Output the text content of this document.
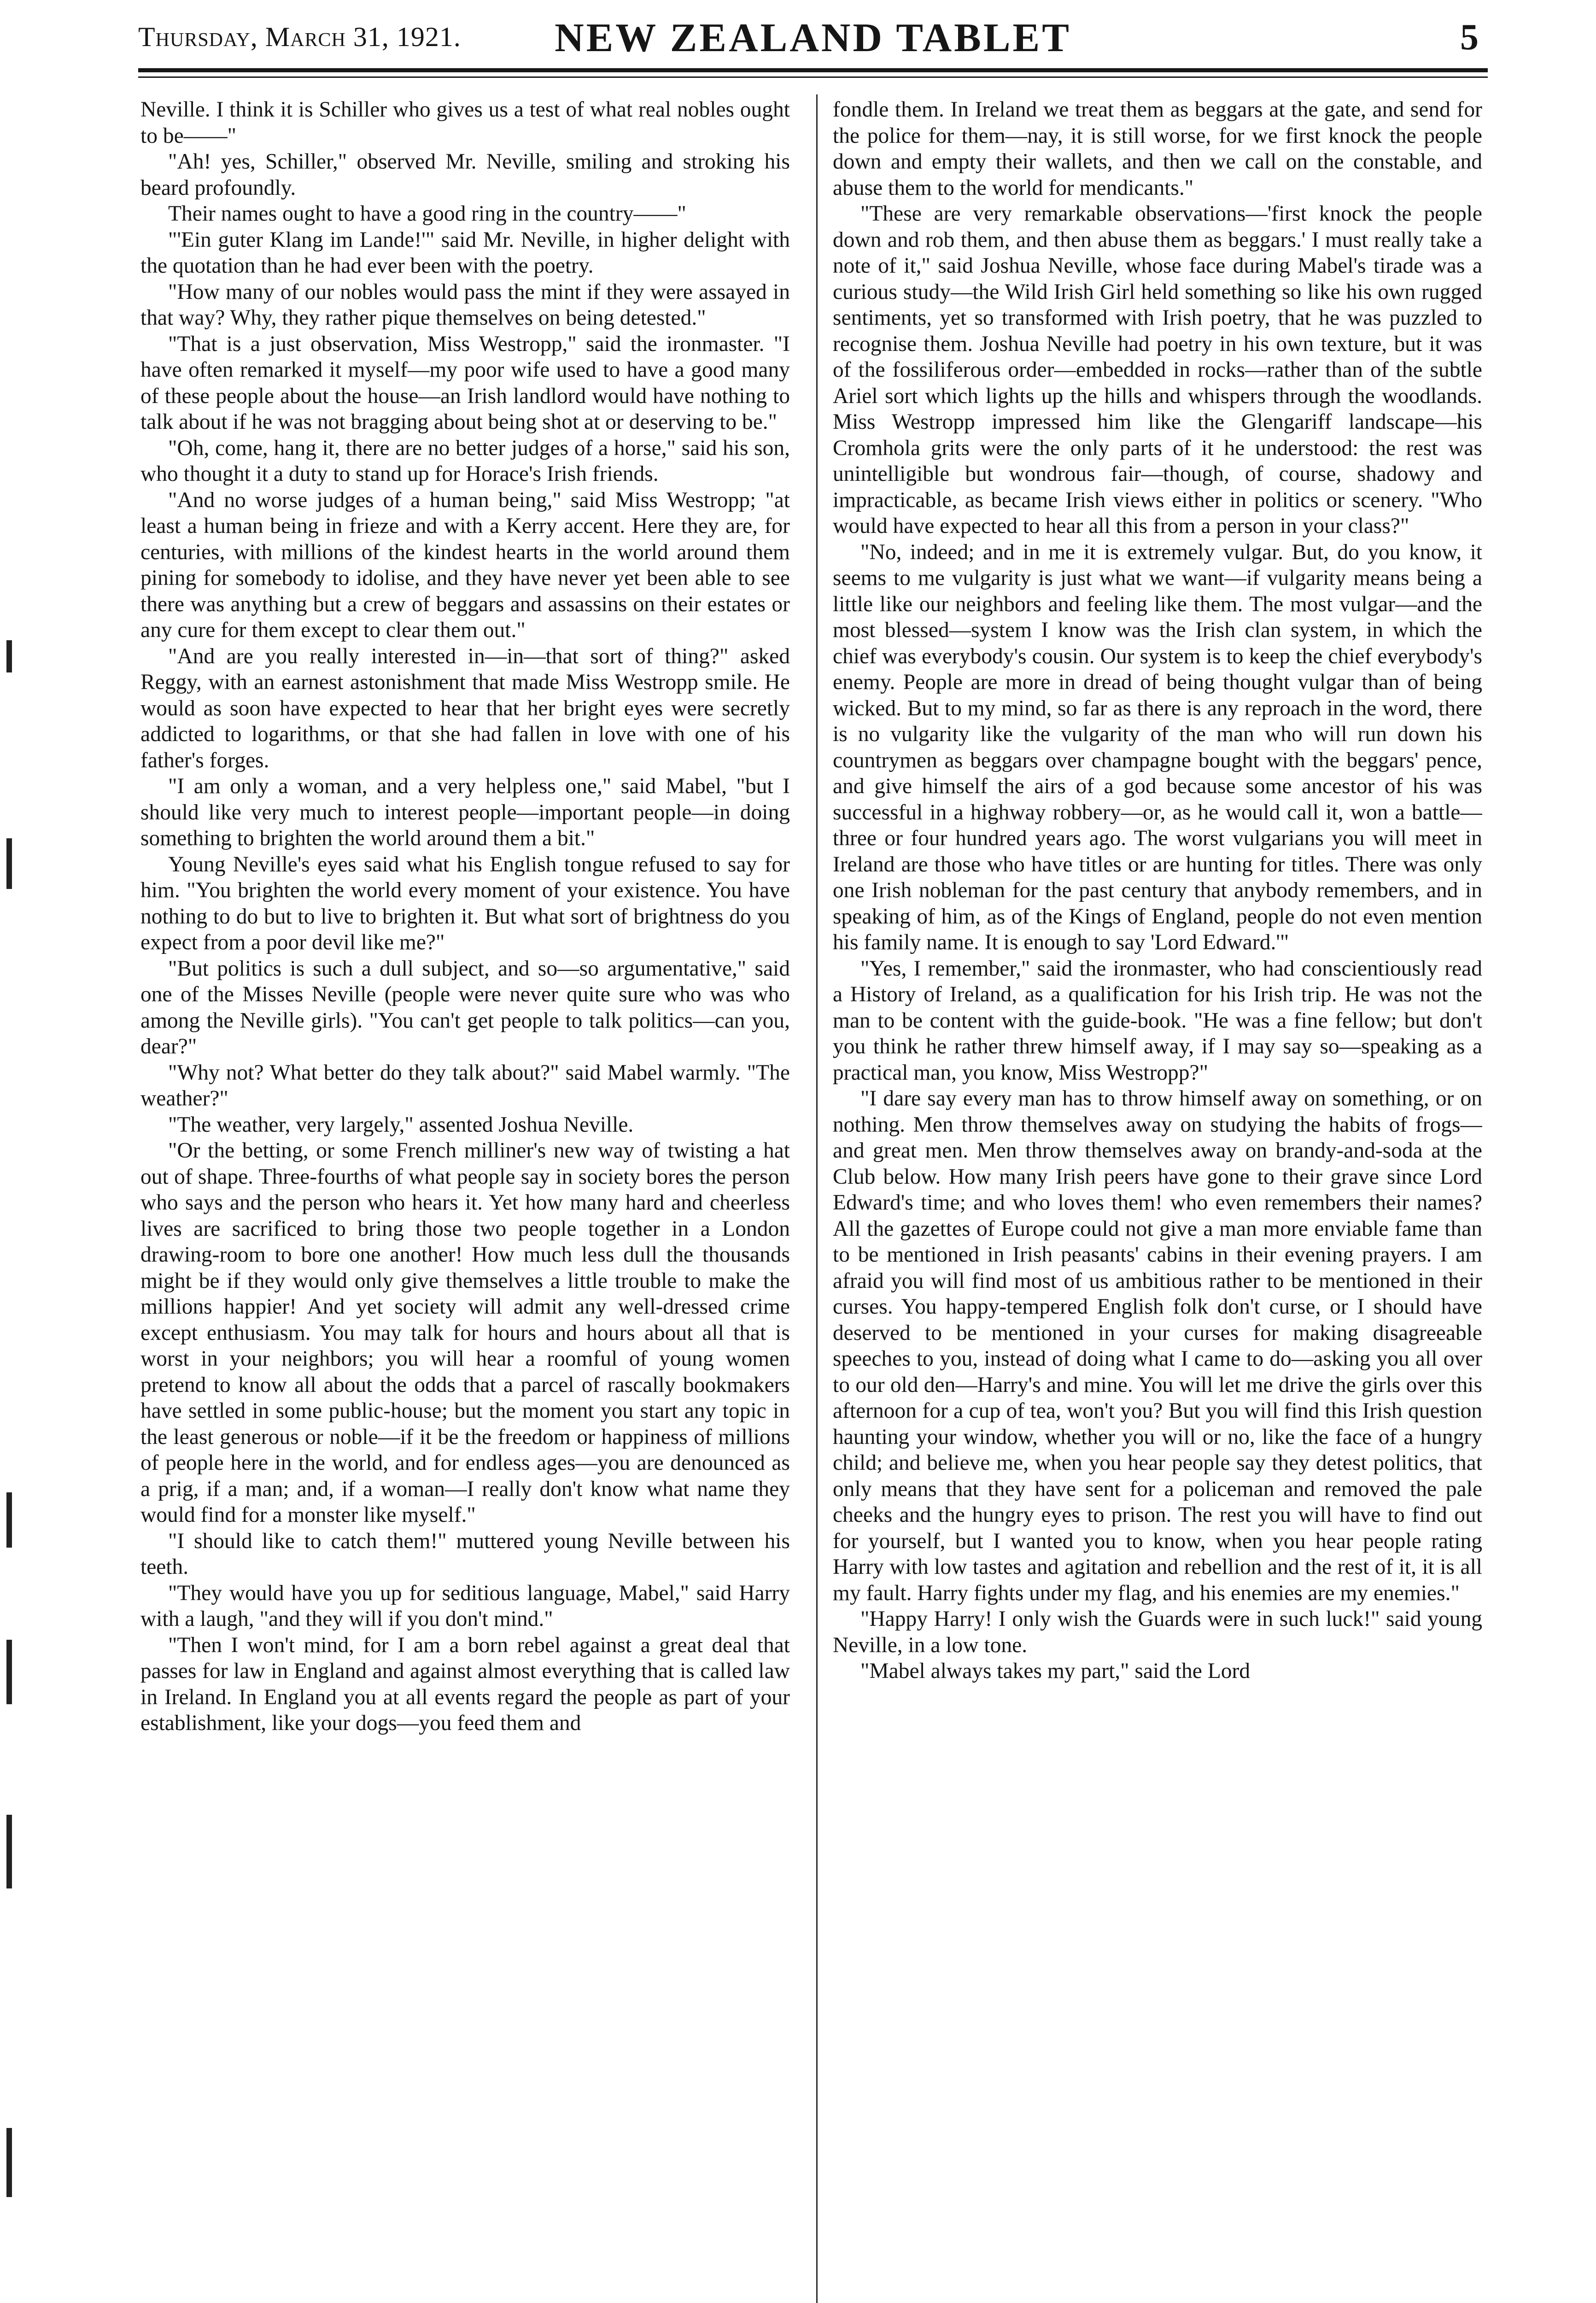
Thursday, March 31, 1921.	NEW ZEALAND TABLET	5

Neville. I think it is Schiller who gives us a test of what real nobles ought to be——"

"Ah! yes, Schiller," observed Mr. Neville, smiling and stroking his beard profoundly.

Their names ought to have a good ring in the country——"

"'Ein guter Klang im Lande!'" said Mr. Neville, in higher delight with the quotation than he had ever been with the poetry.

"How many of our nobles would pass the mint if they were assayed in that way? Why, they rather pique themselves on being detested."

"That is a just observation, Miss Westropp," said the ironmaster. "I have often remarked it myself—my poor wife used to have a good many of these people about the house—an Irish landlord would have nothing to talk about if he was not bragging about being shot at or deserving to be."

"Oh, come, hang it, there are no better judges of a horse," said his son, who thought it a duty to stand up for Horace's Irish friends.

"And no worse judges of a human being," said Miss Westropp; "at least a human being in frieze and with a Kerry accent. Here they are, for centuries, with millions of the kindest hearts in the world around them pining for somebody to idolise, and they have never yet been able to see there was anything but a crew of beggars and assassins on their estates or any cure for them except to clear them out."

"And are you really interested in—in—that sort of thing?" asked Reggy, with an earnest astonishment that made Miss Westropp smile. He would as soon have expected to hear that her bright eyes were secretly addicted to logarithms, or that she had fallen in love with one of his father's forges.

"I am only a woman, and a very helpless one," said Mabel, "but I should like very much to interest people—important people—in doing something to brighten the world around them a bit."

Young Neville's eyes said what his English tongue refused to say for him. "You brighten the world every moment of your existence. You have nothing to do but to live to brighten it. But what sort of brightness do you expect from a poor devil like me?"

"But politics is such a dull subject, and so—so argumentative," said one of the Misses Neville (people were never quite sure who was who among the Neville girls). "You can't get people to talk politics—can you, dear?"

"Why not? What better do they talk about?" said Mabel warmly. "The weather?"

"The weather, very largely," assented Joshua Neville.

"Or the betting, or some French milliner's new way of twisting a hat out of shape. Three-fourths of what people say in society bores the person who says and the person who hears it. Yet how many hard and cheerless lives are sacrificed to bring those two people together in a London drawing-room to bore one another! How much less dull the thousands might be if they would only give themselves a little trouble to make the millions happier! And yet society will admit any well-dressed crime except enthusiasm. You may talk for hours and hours about all that is worst in your neighbors; you will hear a roomful of young women pretend to know all about the odds that a parcel of rascally bookmakers have settled in some public-house; but the moment you start any topic in the least generous or noble—if it be the freedom or happiness of millions of people here in the world, and for endless ages—you are denounced as a prig, if a man; and, if a woman—I really don't know what name they would find for a monster like myself."

"I should like to catch them!" muttered young Neville between his teeth.

"They would have you up for seditious language, Mabel," said Harry with a laugh, "and they will if you don't mind."

"Then I won't mind, for I am a born rebel against a great deal that passes for law in England and against almost everything that is called law in Ireland. In England you at all events regard the people as part of your establishment, like your dogs—you feed them and

fondle them. In Ireland we treat them as beggars at the gate, and send for the police for them—nay, it is still worse, for we first knock the people down and empty their wallets, and then we call on the constable, and abuse them to the world for mendicants."

"These are very remarkable observations—'first knock the people down and rob them, and then abuse them as beggars.' I must really take a note of it," said Joshua Neville, whose face during Mabel's tirade was a curious study—the Wild Irish Girl held something so like his own rugged sentiments, yet so transformed with Irish poetry, that he was puzzled to recognise them. Joshua Neville had poetry in his own texture, but it was of the fossiliferous order—embedded in rocks—rather than of the subtle Ariel sort which lights up the hills and whispers through the woodlands. Miss Westropp impressed him like the Glengariff landscape—his Cromhola grits were the only parts of it he understood: the rest was unintelligible but wondrous fair—though, of course, shadowy and impracticable, as became Irish views either in politics or scenery. "Who would have expected to hear all this from a person in your class?"

"No, indeed; and in me it is extremely vulgar. But, do you know, it seems to me vulgarity is just what we want—if vulgarity means being a little like our neighbors and feeling like them. The most vulgar—and the most blessed—system I know was the Irish clan system, in which the chief was everybody's cousin. Our system is to keep the chief everybody's enemy. People are more in dread of being thought vulgar than of being wicked. But to my mind, so far as there is any reproach in the word, there is no vulgarity like the vulgarity of the man who will run down his countrymen as beggars over champagne bought with the beggars' pence, and give himself the airs of a god because some ancestor of his was successful in a highway robbery—or, as he would call it, won a battle—three or four hundred years ago. The worst vulgarians you will meet in Ireland are those who have titles or are hunting for titles. There was only one Irish nobleman for the past century that anybody remembers, and in speaking of him, as of the Kings of England, people do not even mention his family name. It is enough to say 'Lord Edward.'"

"Yes, I remember," said the ironmaster, who had conscientiously read a History of Ireland, as a qualification for his Irish trip. He was not the man to be content with the guide-book. "He was a fine fellow; but don't you think he rather threw himself away, if I may say so—speaking as a practical man, you know, Miss Westropp?"

"I dare say every man has to throw himself away on something, or on nothing. Men throw themselves away on studying the habits of frogs—and great men. Men throw themselves away on brandy-and-soda at the Club below. How many Irish peers have gone to their grave since Lord Edward's time; and who loves them! who even remembers their names? All the gazettes of Europe could not give a man more enviable fame than to be mentioned in Irish peasants' cabins in their evening prayers. I am afraid you will find most of us ambitious rather to be mentioned in their curses. You happy-tempered English folk don't curse, or I should have deserved to be mentioned in your curses for making disagreeable speeches to you, instead of doing what I came to do—asking you all over to our old den—Harry's and mine. You will let me drive the girls over this afternoon for a cup of tea, won't you? But you will find this Irish question haunting your window, whether you will or no, like the face of a hungry child; and believe me, when you hear people say they detest politics, that only means that they have sent for a policeman and removed the pale cheeks and the hungry eyes to prison. The rest you will have to find out for yourself, but I wanted you to know, when you hear people rating Harry with low tastes and agitation and rebellion and the rest of it, it is all my fault. Harry fights under my flag, and his enemies are my enemies."

"Happy Harry! I only wish the Guards were in such luck!" said young Neville, in a low tone.

"Mabel always takes my part," said the Lord
